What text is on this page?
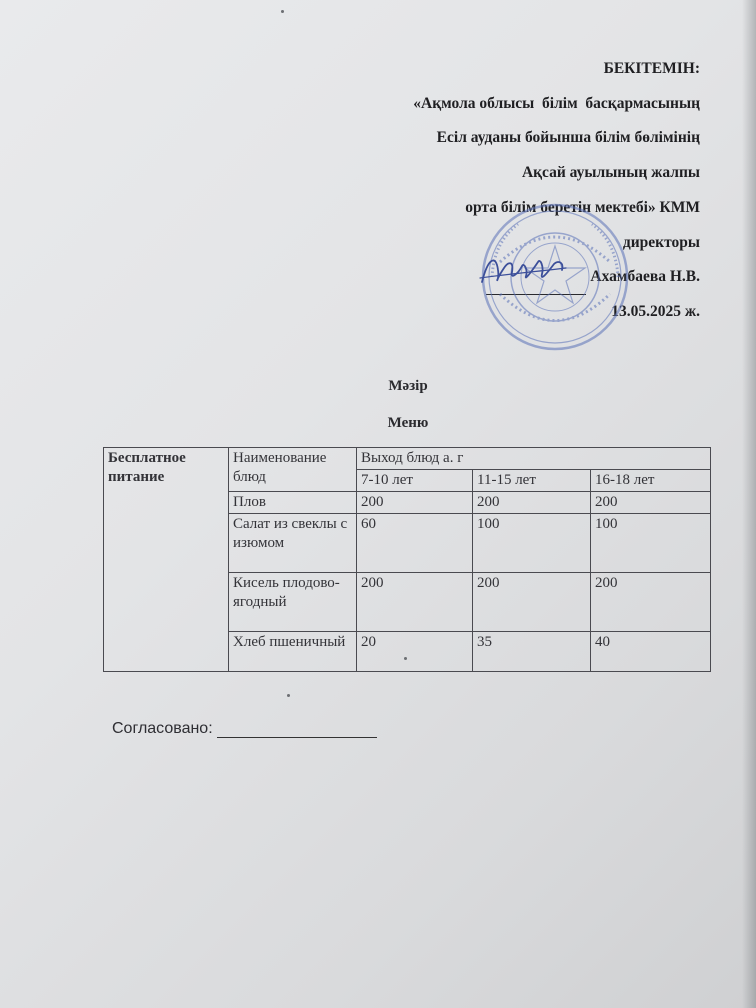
БЕКІТЕМІН:
«Ақмола облысы  білім  басқармасының
Есіл ауданы бойынша білім бөлімінің
Ақсай ауылының жалпы
орта білім беретін мектебі» КММ
директоры
Ахамбаева Н.В.
13.05.2025 ж.
Мәзір
Меню
Бесплатное питание	Наименование блюд	Выход блюд а. г		
		7-10 лет	11-15 лет	16-18 лет
	Плов	200	200	200
	Салат из свеклы с изюмом	60	100	100
	Кисель плодово-ягодный	200	200	200
	Хлеб пшеничный	20	35	40
Согласовано:
